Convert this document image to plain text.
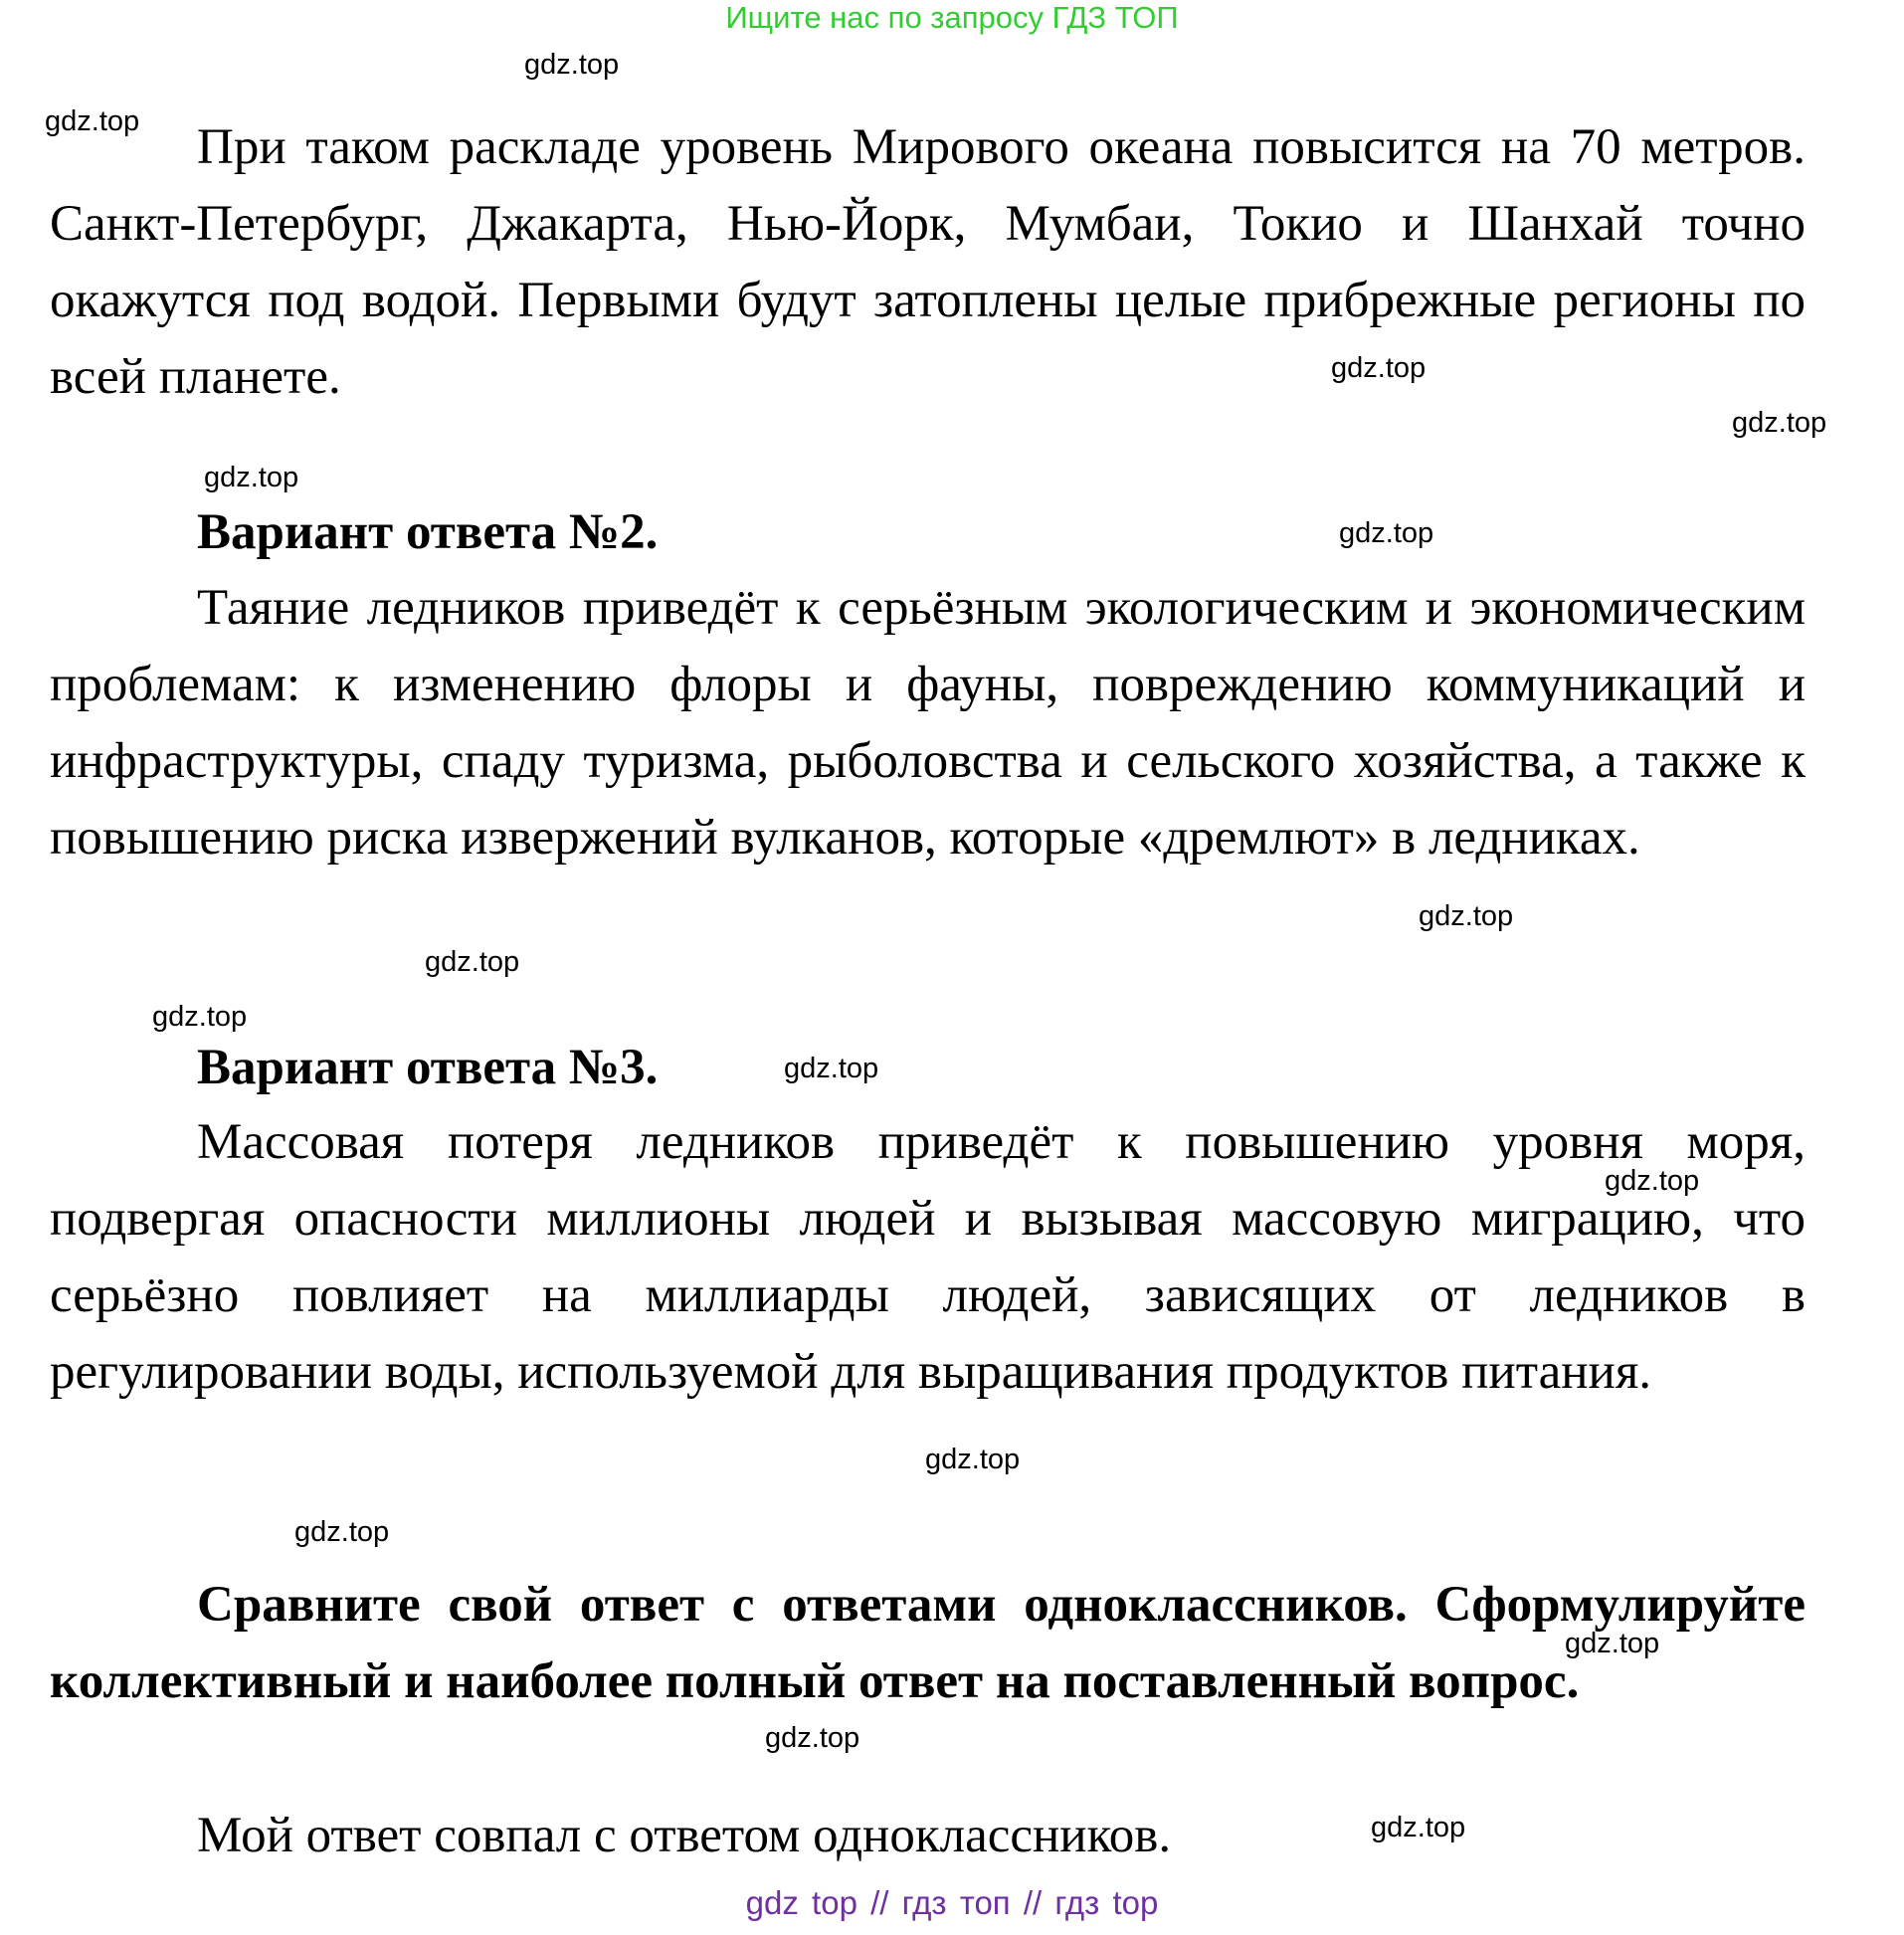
Ищите нас по запросу ГДЗ ТОП

При таком раскладе уровень Мирового океана повысится на 70 метров. Санкт-Петербург, Джакарта, Нью-Йорк, Мумбаи, Токио и Шанхай точно окажутся под водой. Первыми будут затоплены целые прибрежные регионы по всей планете.

Вариант ответа №2.

Таяние ледников приведёт к серьёзным экологическим и экономическим проблемам: к изменению флоры и фауны, повреждению коммуникаций и инфраструктуры, спаду туризма, рыболовства и сельского хозяйства, а также к повышению риска извержений вулканов, которые «дремлют» в ледниках.

Вариант ответа №3.

Массовая потеря ледников приведёт к повышению уровня моря, подвергая опасности миллионы людей и вызывая массовую миграцию, что серьёзно повлияет на миллиарды людей, зависящих от ледников в регулировании воды, используемой для выращивания продуктов питания.

Сравните свой ответ с ответами одноклассников. Сформулируйте коллективный и наиболее полный ответ на поставленный вопрос.

Мой ответ совпал с ответом одноклассников.

gdz.top
gdz.top
gdz.top
gdz.top
gdz.top
gdz.top
gdz.top
gdz.top
gdz.top
gdz.top
gdz.top
gdz.top
gdz.top
gdz.top
gdz.top
gdz.top
gdz top // гдз топ // гдз top
